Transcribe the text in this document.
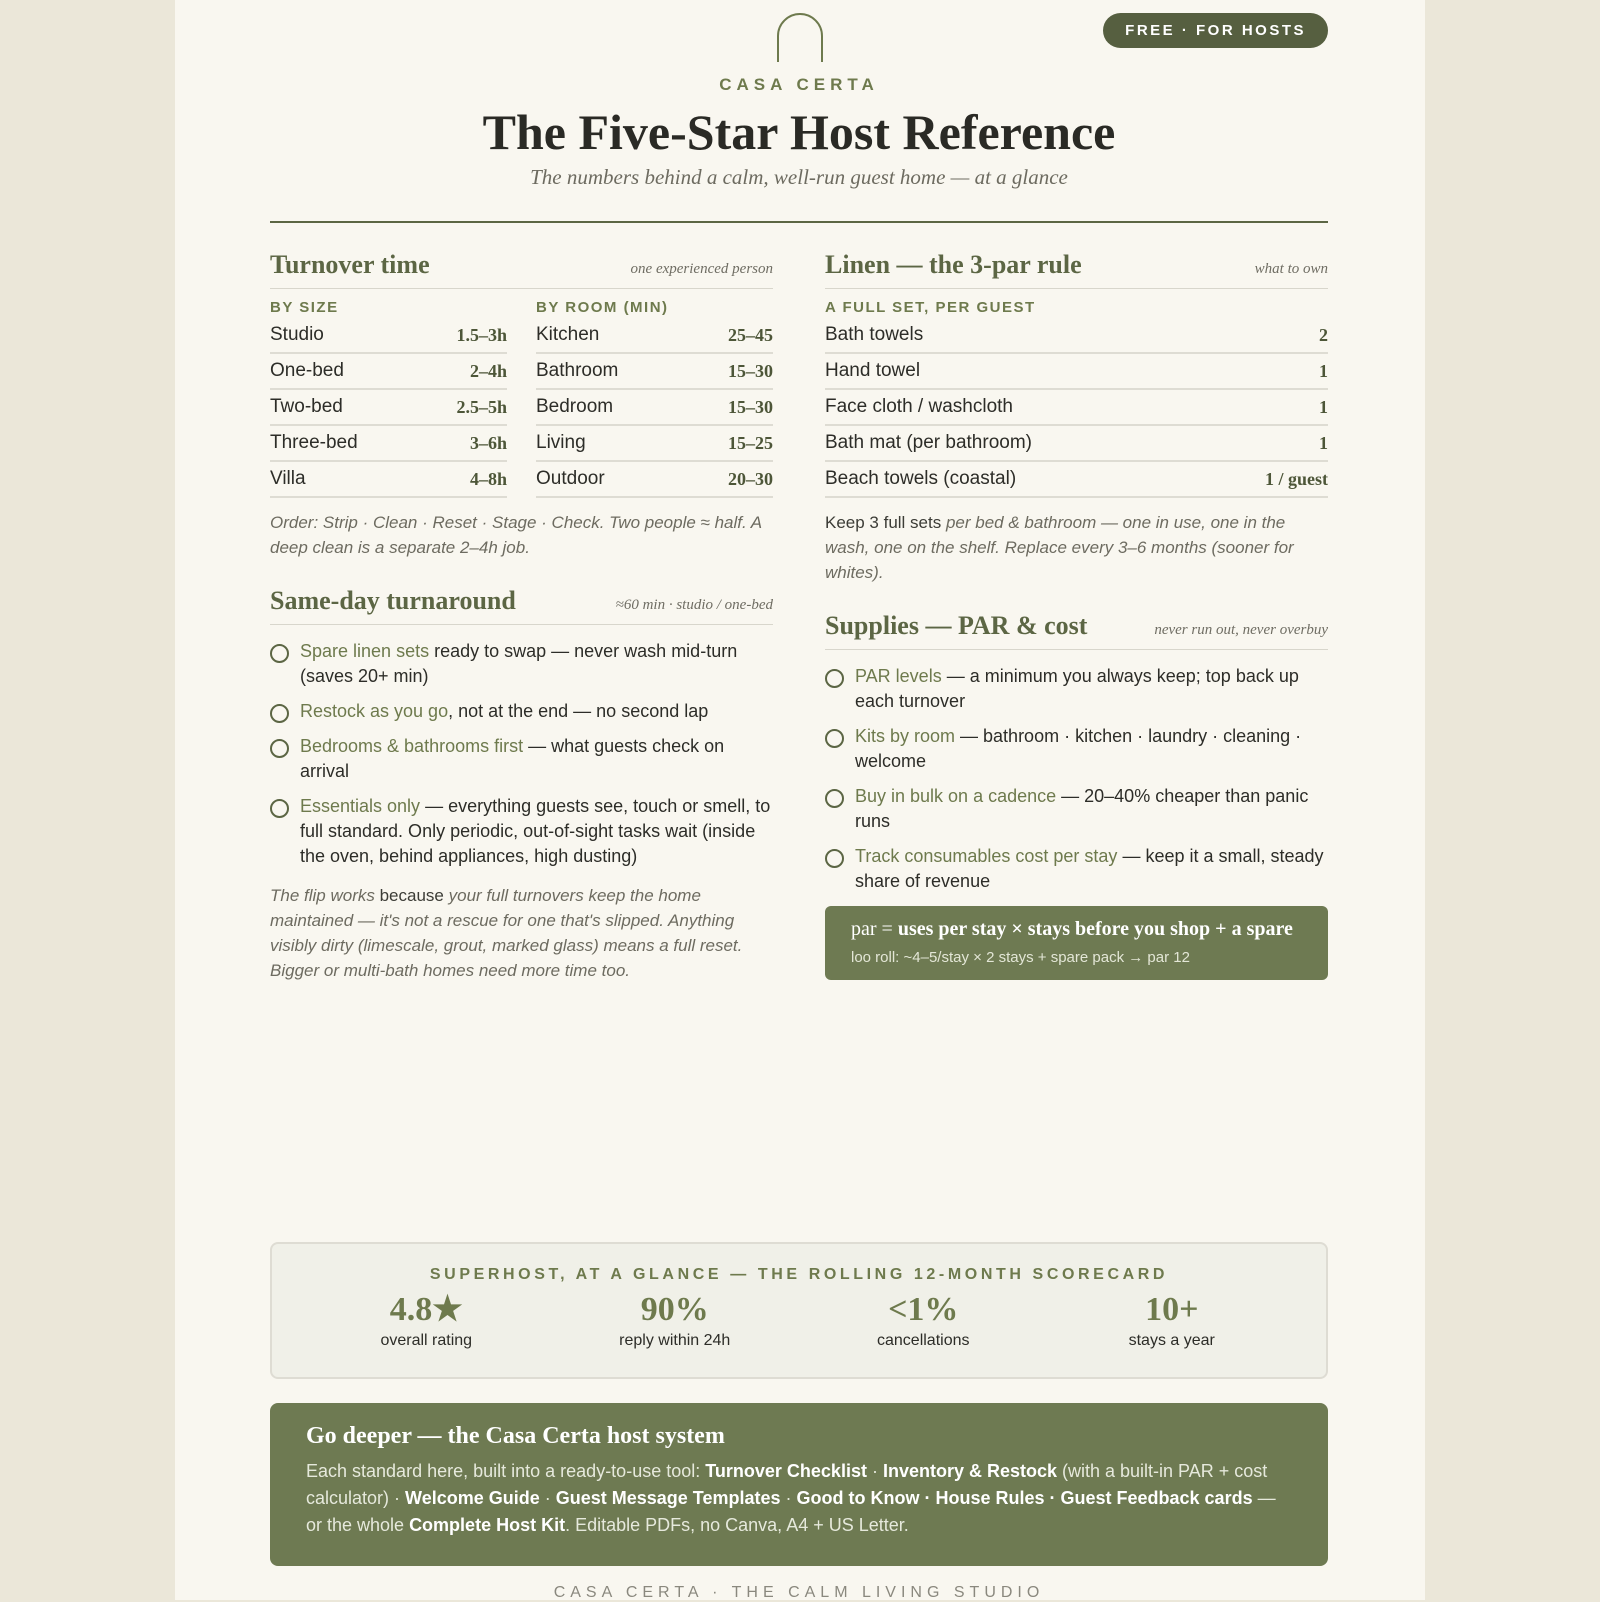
FREE · FOR HOSTS
CASA CERTA
The Five-Star Host Reference
The numbers behind a calm, well-run guest home — at a glance
Turnover time	one experienced person
BY SIZE
Studio	1.5–3h
One-bed	2–4h
Two-bed	2.5–5h
Three-bed	3–6h
Villa	4–8h
BY ROOM (MIN)
Kitchen	25–45
Bathroom	15–30
Bedroom	15–30
Living	15–25
Outdoor	20–30

Order: Strip · Clean · Reset · Stage · Check. Two people ≈ half. A deep clean is a separate 2–4h job.

Same-day turnaround	≈60 min · studio / one-bed
Spare linen sets ready to swap — never wash mid-turn (saves 20+ min)
Restock as you go, not at the end — no second lap
Bedrooms & bathrooms first — what guests check on arrival
Essentials only — everything guests see, touch or smell, to full standard. Only periodic, out-of-sight tasks wait (inside the oven, behind appliances, high dusting)

The flip works because your full turnovers keep the home maintained — it's not a rescue for one that's slipped. Anything visibly dirty (limescale, grout, marked glass) means a full reset. Bigger or multi-bath homes need more time too.

Linen — the 3-par rule	what to own
A FULL SET, PER GUEST
Bath towels	2
Hand towel	1
Face cloth / washcloth	1
Bath mat (per bathroom)	1
Beach towels (coastal)	1 / guest

Keep 3 full sets per bed & bathroom — one in use, one in the wash, one on the shelf. Replace every 3–6 months (sooner for whites).

Supplies — PAR & cost	never run out, never overbuy
PAR levels — a minimum you always keep; top back up each turnover
Kits by room — bathroom · kitchen · laundry · cleaning · welcome
Buy in bulk on a cadence — 20–40% cheaper than panic runs
Track consumables cost per stay — keep it a small, steady share of revenue
par = uses per stay × stays before you shop + a spare
loo roll: ~4–5/stay × 2 stays + spare pack → par 12
SUPERHOST, AT A GLANCE — THE ROLLING 12-MONTH SCORECARD
4.8★
overall rating
90%
reply within 24h
<1%
cancellations
10+
stays a year
Go deeper — the Casa Certa host system

Each standard here, built into a ready-to-use tool: Turnover Checklist · Inventory & Restock (with a built-in PAR + cost calculator) · Welcome Guide · Guest Message Templates · Good to Know · House Rules · Guest Feedback cards — or the whole Complete Host Kit. Editable PDFs, no Canva, A4 + US Letter.

CASA CERTA · THE CALM LIVING STUDIO
